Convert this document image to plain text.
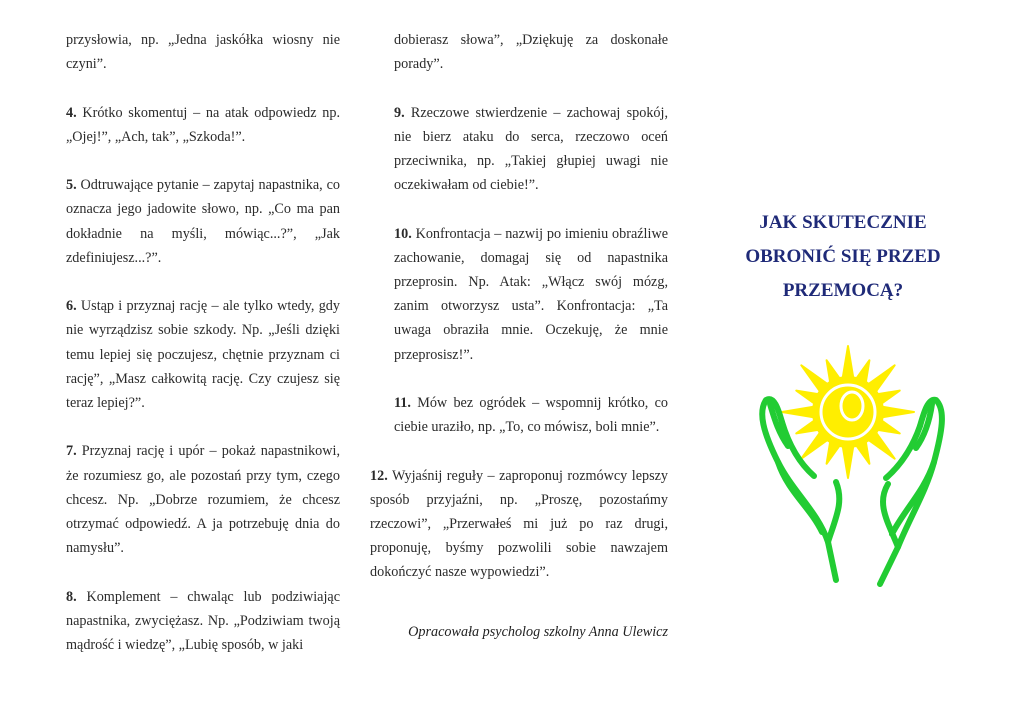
przysłowia, np. „Jedna jaskółka wiosny nie czyni”.

4. Krótko skomentuj – na atak odpowiedz np. „Ojej!”, „Ach, tak”, „Szkoda!”.

5. Odtruwające pytanie – zapytaj napastnika, co oznacza jego jadowite słowo, np. „Co ma pan dokładnie na myśli, mówiąc...?”, „Jak zdefiniujesz...?”.

6. Ustąp i przyznaj rację – ale tylko wtedy, gdy nie wyrządzisz sobie szkody. Np. „Jeśli dzięki temu lepiej się poczujesz, chętnie przyznam ci rację”, „Masz całkowitą rację. Czy czujesz się teraz lepiej?”.

7. Przyznaj rację i upór – pokaż napastnikowi, że rozumiesz go, ale pozostań przy tym, czego chcesz. Np. „Dobrze rozumiem, że chcesz otrzymać odpowiedź. A ja potrzebuję dnia do namysłu”.

8. Komplement – chwaląc lub podziwiając napastnika, zwyciężasz. Np. „Podziwiam twoją mądrość i wiedzę”, „Lubię sposób, w jaki

dobierasz słowa”, „Dziękuję za doskonałe porady”.

9. Rzeczowe stwierdzenie – zachowaj spokój, nie bierz ataku do serca, rzeczowo oceń przeciwnika, np. „Takiej głupiej uwagi nie oczekiwałam od ciebie!”.

10. Konfrontacja – nazwij po imieniu obraźliwe zachowanie, domagaj się od napastnika przeprosin. Np. Atak: „Włącz swój mózg, zanim otworzysz usta”. Konfrontacja: „Ta uwaga obraziła mnie. Oczekuję, że mnie przeprosisz!”.

11. Mów bez ogródek – wspomnij krótko, co ciebie uraziło, np. „To, co mówisz, boli mnie”.

12. Wyjaśnij reguły – zaproponuj rozmówcy lepszy sposób przyjaźni, np. „Proszę, pozostańmy rzeczowi”, „Przerwałeś mi już po raz drugi, proponuję, byśmy pozwolili sobie nawzajem dokończyć nasze wypowiedzi”.

Opracowała psycholog szkolny Anna Ulewicz
JAK SKUTECZNIE OBRONIĆ SIĘ PRZED PRZEMOCĄ?
